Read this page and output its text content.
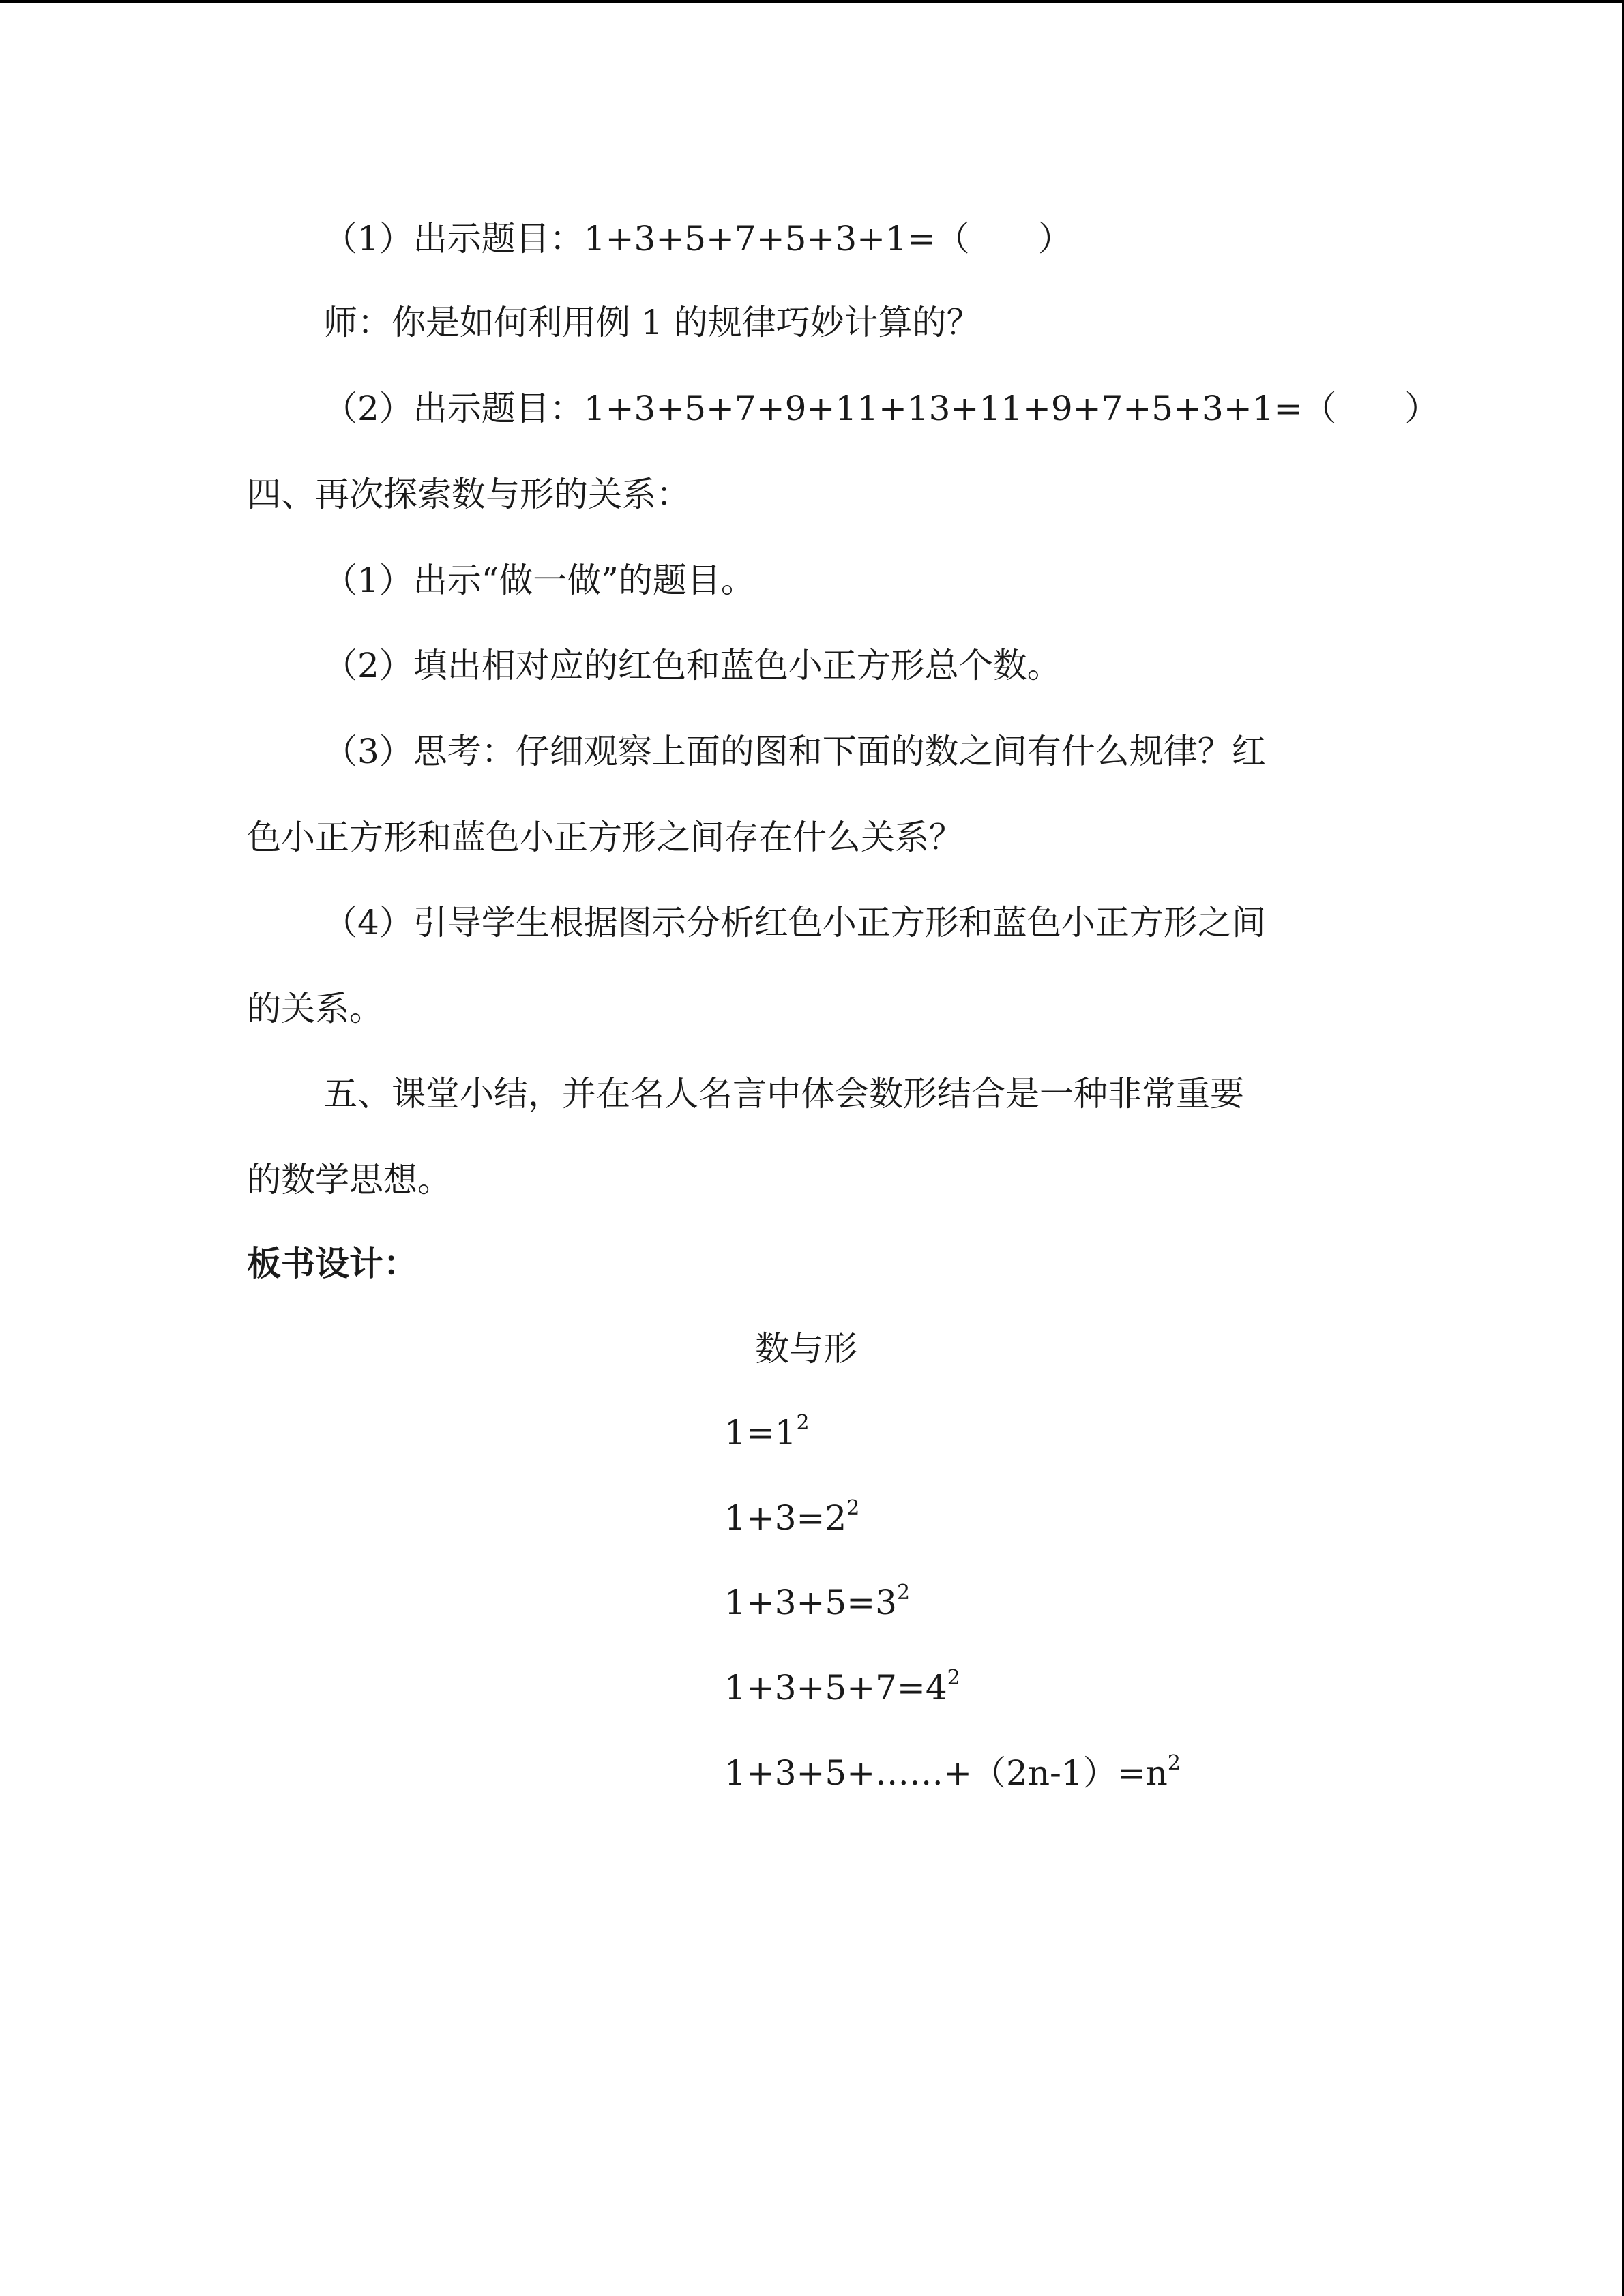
（1）出示题目：1+3+5+7+5+3+1=（　　）
师：你是如何利用例 1 的规律巧妙计算的？
（2）出示题目：1+3+5+7+9+11+13+11+9+7+5+3+1=（　　）
四、再次探索数与形的关系：
（1）出示“做一做”的题目。
（2）填出相对应的红色和蓝色小正方形总个数。
（3）思考：仔细观察上面的图和下面的数之间有什么规律？红
色小正方形和蓝色小正方形之间存在什么关系？
（4）引导学生根据图示分析红色小正方形和蓝色小正方形之间
的关系。
五、课堂小结，并在名人名言中体会数形结合是一种非常重要
的数学思想。
板书设计：
数与形
$1=1^2$
$1+3=2^2$
$1+3+5=3^2$
$1+3+5+7=4^2$
$1+3+5+\dots\dots+(2n-1)=n^2$
